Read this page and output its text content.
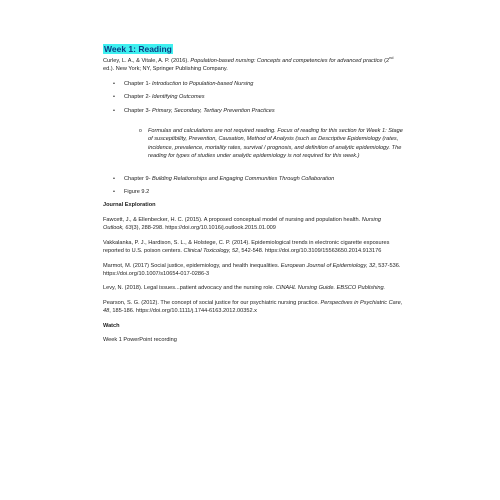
Week 1: Reading

Curley, L. A., & Vitale, A. P. (2016). Population-based nursing: Concepts and competencies for advanced practice (2nd ed.). New York; NY, Springer Publishing Company.

• Chapter 1- Introduction to Population-based Nursing
• Chapter 2- Identifying Outcomes
• Chapter 3- Primary, Secondary, Tertiary Prevention Practices
o Formulas and calculations are not required reading. Focus of reading for this section for Week 1: Stage of susceptibility, Prevention, Causation, Method of Analysis (such as Descriptive Epidemiology (rates, incidence, prevalence, mortality rates, survival / prognosis, and definition of analytic epidemiology. The reading for types of studies under analytic epidemiology is not required for this week.)
• Chapter 9- Building Relationships and Engaging Communities Through Collaboration
• Figure 9.2

Journal Exploration

Fawcett, J., & Ellenbecker, H. C. (2015). A proposed conceptual model of nursing and population health. Nursing Outlook, 63(3), 288-298. https://doi.org/10.1016/j.outlook.2015.01.009

Vakkalanka, P. J., Hardison, S. L., & Holstege, C. P. (2014). Epidemiological trends in electronic cigarette exposures reported to U.S. poison centers. Clinical Toxicology, 52, 542-548. https://doi.org/10.3109/15563650.2014.913176

Marmot, M. (2017) Social justice, epidemiology, and health inequalities. European Journal of Epidemiology, 32, 537-536. https://doi.org/10.1007/s10654-017-0286-3

Levy, N. (2018). Legal issues...patient advocacy and the nursing role. CINAHL Nursing Guide. EBSCO Publishing.

Pearson, S. G. (2012). The concept of social justice for our psychiatric nursing practice. Perspectives in Psychiatric Care, 48, 185-186. https://doi.org/10.1111/j.1744-6163.2012.00352.x

Watch

Week 1 PowerPoint recording
